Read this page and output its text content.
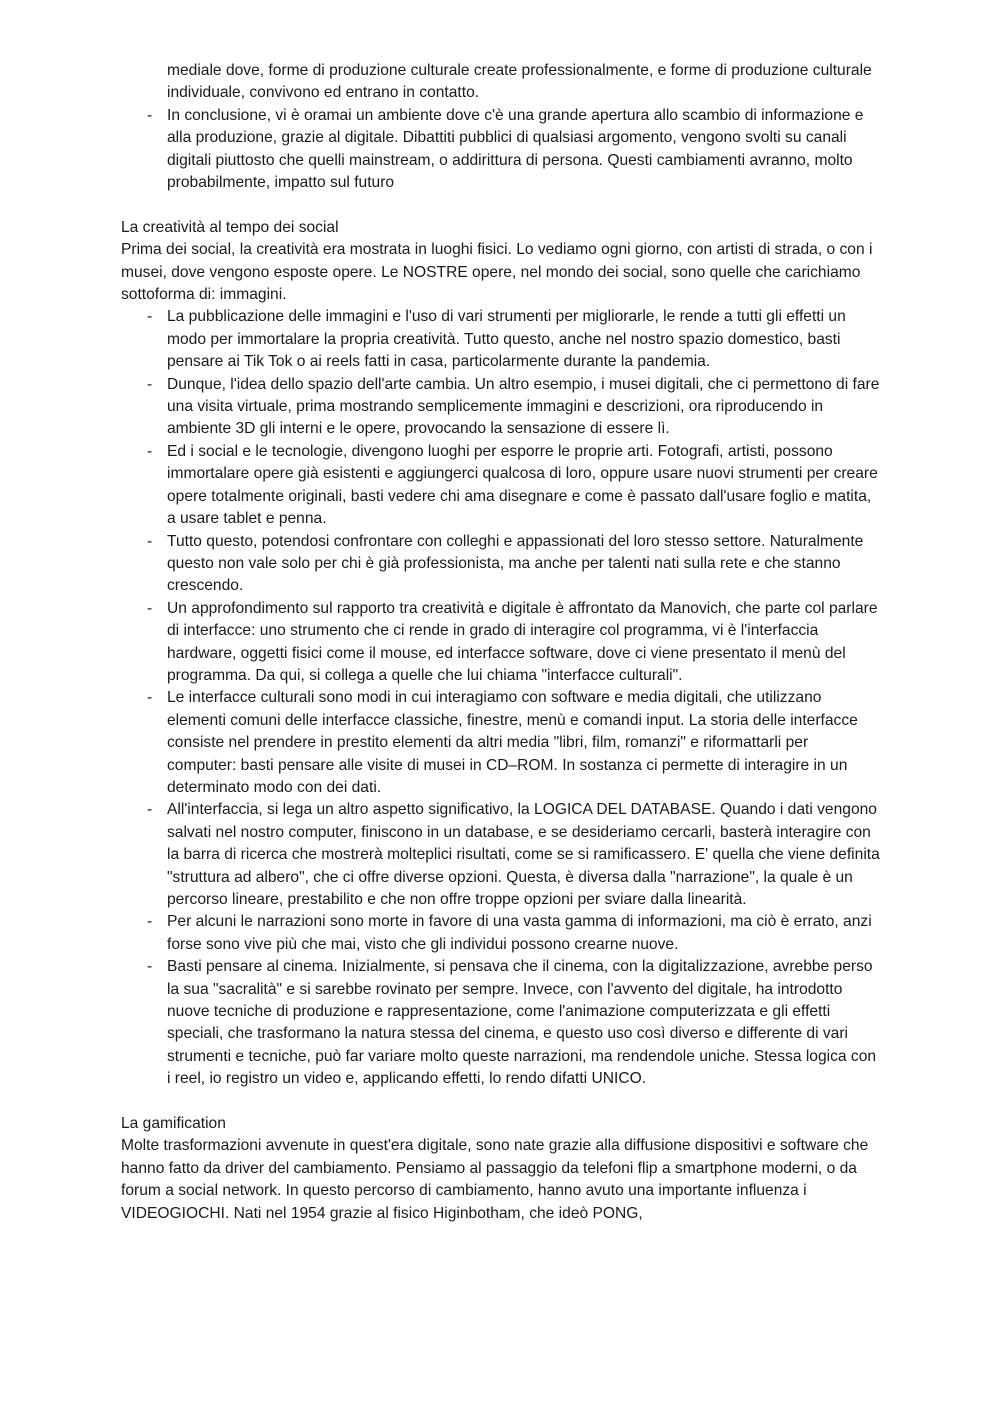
mediale dove, forme di produzione culturale create professionalmente, e forme di produzione culturale individuale, convivono ed entrano in contatto.

- In conclusione, vi è oramai un ambiente dove c'è una grande apertura allo scambio di informazione e alla produzione, grazie al digitale. Dibattiti pubblici di qualsiasi argomento, vengono svolti su canali digitali piuttosto che quelli mainstream, o addirittura di persona. Questi cambiamenti avranno, molto probabilmente, impatto sul futuro

La creatività al tempo dei social

Prima dei social, la creatività era mostrata in luoghi fisici. Lo vediamo ogni giorno, con artisti di strada, o con i musei, dove vengono esposte opere. Le NOSTRE opere, nel mondo dei social, sono quelle che carichiamo sottoforma di: immagini.

- La pubblicazione delle immagini e l'uso di vari strumenti per migliorarle, le rende a tutti gli effetti un modo per immortalare la propria creatività. Tutto questo, anche nel nostro spazio domestico, basti pensare ai Tik Tok o ai reels fatti in casa, particolarmente durante la pandemia.
- Dunque, l'idea dello spazio dell'arte cambia. Un altro esempio, i musei digitali, che ci permettono di fare una visita virtuale, prima mostrando semplicemente immagini e descrizioni, ora riproducendo in ambiente 3D gli interni e le opere, provocando la sensazione di essere lì.
- Ed i social e le tecnologie, divengono luoghi per esporre le proprie arti. Fotografi, artisti, possono immortalare opere già esistenti e aggiungerci qualcosa di loro, oppure usare nuovi strumenti per creare opere totalmente originali, basti vedere chi ama disegnare e come è passato dall'usare foglio e matita, a usare tablet e penna.
- Tutto questo, potendosi confrontare con colleghi e appassionati del loro stesso settore. Naturalmente questo non vale solo per chi è già professionista, ma anche per talenti nati sulla rete e che stanno crescendo.
- Un approfondimento sul rapporto tra creatività e digitale è affrontato da Manovich, che parte col parlare di interfacce: uno strumento che ci rende in grado di interagire col programma, vi è l'interfaccia hardware, oggetti fisici come il mouse, ed interfacce software, dove ci viene presentato il menù del programma. Da qui, si collega a quelle che lui chiama "interfacce culturali".
- Le interfacce culturali sono modi in cui interagiamo con software e media digitali, che utilizzano elementi comuni delle interfacce classiche, finestre, menù e comandi input. La storia delle interfacce consiste nel prendere in prestito elementi da altri media "libri, film, romanzi" e riformattarli per computer: basti pensare alle visite di musei in CD–ROM. In sostanza ci permette di interagire in un determinato modo con dei dati.
- All'interfaccia, si lega un altro aspetto significativo, la LOGICA DEL DATABASE. Quando i dati vengono salvati nel nostro computer, finiscono in un database, e se desideriamo cercarli, basterà interagire con la barra di ricerca che mostrerà molteplici risultati, come se si ramificassero. E' quella che viene definita "struttura ad albero", che ci offre diverse opzioni. Questa, è diversa dalla "narrazione", la quale è un percorso lineare, prestabilito e che non offre troppe opzioni per sviare dalla linearità.
- Per alcuni le narrazioni sono morte in favore di una vasta gamma di informazioni, ma ciò è errato, anzi forse sono vive più che mai, visto che gli individui possono crearne nuove.
- Basti pensare al cinema. Inizialmente, si pensava che il cinema, con la digitalizzazione, avrebbe perso la sua "sacralità" e si sarebbe rovinato per sempre. Invece, con l'avvento del digitale, ha introdotto nuove tecniche di produzione e rappresentazione, come l'animazione computerizzata e gli effetti speciali, che trasformano la natura stessa del cinema, e questo uso così diverso e differente di vari strumenti e tecniche, può far variare molto queste narrazioni, ma rendendole uniche. Stessa logica con i reel, io registro un video e, applicando effetti, lo rendo difatti UNICO.

La gamification

Molte trasformazioni avvenute in quest'era digitale, sono nate grazie alla diffusione dispositivi e software che hanno fatto da driver del cambiamento. Pensiamo al passaggio da telefoni flip a smartphone moderni, o da forum a social network. In questo percorso di cambiamento, hanno avuto una importante influenza i VIDEOGIOCHI. Nati nel 1954 grazie al fisico Higinbotham, che ideò PONG,
